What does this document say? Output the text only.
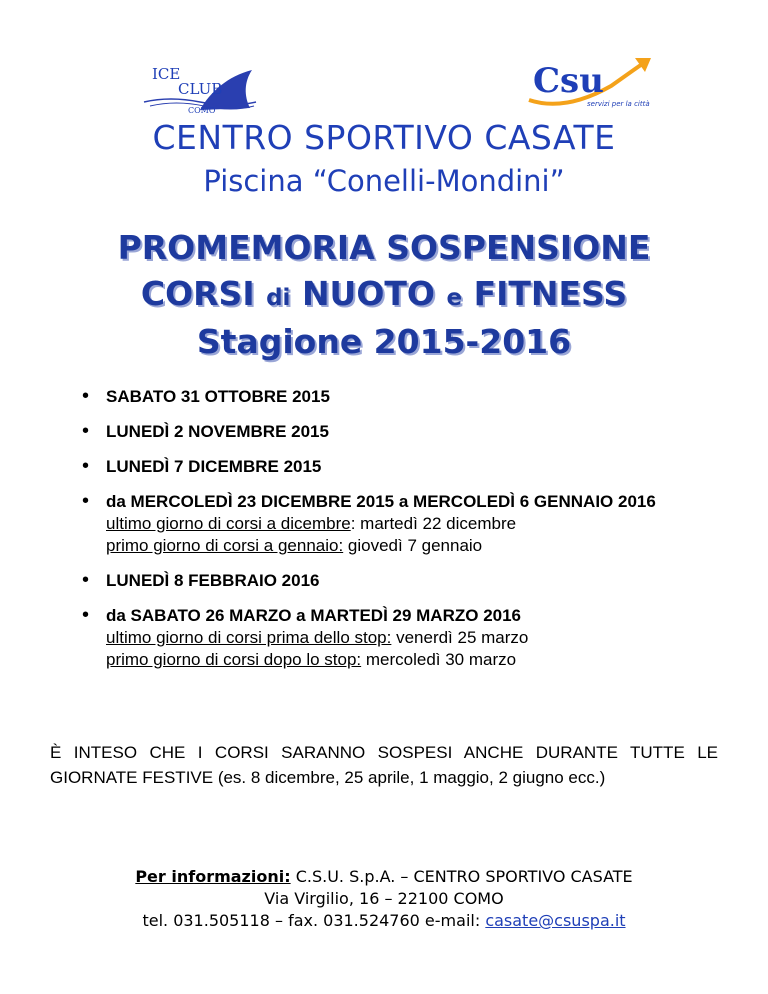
ICE
CLUB
COMO
Csu
servizi per la città
CENTRO SPORTIVO CASATE
Piscina “Conelli-Mondini”
PROMEMORIA SOSPENSIONE
CORSI di NUOTO e FITNESS
Stagione 2015-2016
• SABATO 31 OTTOBRE 2015
• LUNEDÌ 2 NOVEMBRE 2015
• LUNEDÌ 7 DICEMBRE 2015
• da MERCOLEDÌ 23 DICEMBRE 2015 a MERCOLEDÌ 6 GENNAIO 2016
ultimo giorno di corsi a dicembre: martedì 22 dicembre
primo giorno di corsi a gennaio: giovedì 7 gennaio
• LUNEDÌ 8 FEBBRAIO 2016
• da SABATO 26 MARZO a MARTEDÌ 29 MARZO 2016
ultimo giorno di corsi prima dello stop: venerdì 25 marzo
primo giorno di corsi dopo lo stop: mercoledì 30 marzo
È INTESO CHE I CORSI SARANNO SOSPESI ANCHE DURANTE TUTTE LE GIORNATE FESTIVE (es. 8 dicembre, 25 aprile, 1 maggio, 2 giugno ecc.)
Per informazioni: C.S.U. S.p.A. – CENTRO SPORTIVO CASATE
Via Virgilio, 16 – 22100 COMO
tel. 031.505118 – fax. 031.524760 e-mail: casate@csuspa.it
